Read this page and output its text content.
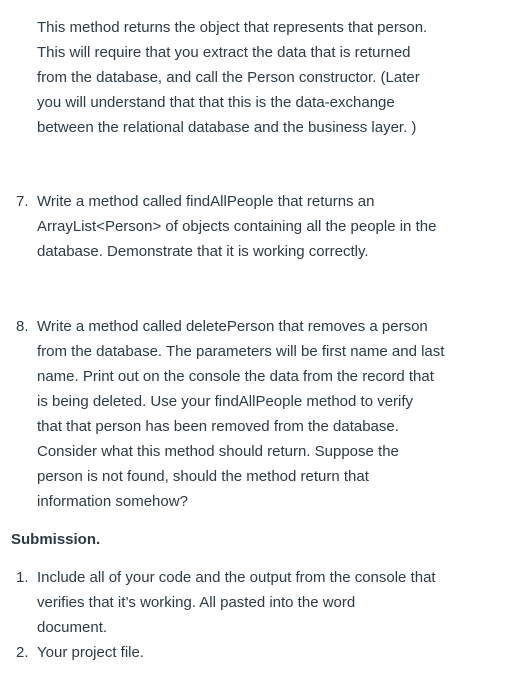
This method returns the object that represents that person.
This will require that you extract the data that is returned
from the database, and call the Person constructor. (Later
you will understand that that this is the data-exchange
between the relational database and the business layer. )
7. Write a method called findAllPeople that returns an
ArrayList<Person> of objects containing all the people in the
database. Demonstrate that it is working correctly.
8. Write a method called deletePerson that removes a person
from the database. The parameters will be first name and last
name. Print out on the console the data from the record that
is being deleted. Use your findAllPeople method to verify
that that person has been removed from the database.
Consider what this method should return. Suppose the
person is not found, should the method return that
information somehow?
Submission.
1. Include all of your code and the output from the console that
verifies that it’s working. All pasted into the word
document.
2. Your project file.
